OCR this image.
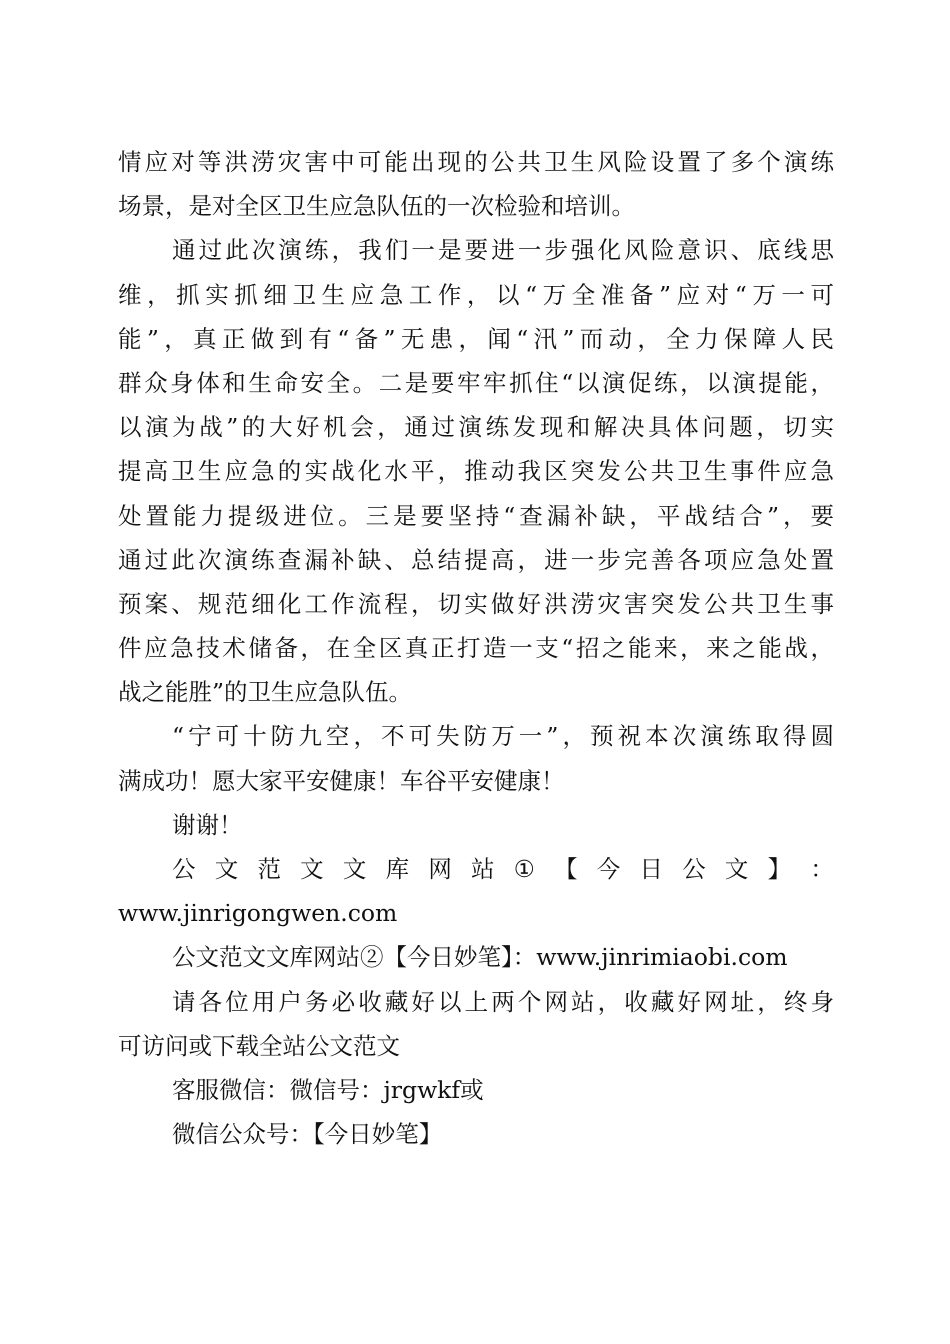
情应对等洪涝灾害中可能出现的公共卫生风险设置了多个演练
场景，是对全区卫生应急队伍的一次检验和培训。
通过此次演练，我们一是要进一步强化风险意识、底线思
维，抓实抓细卫生应急工作，以“万全准备”应对“万一可
能”，真正做到有“备”无患，闻“汛”而动，全力保障人民
群众身体和生命安全。二是要牢牢抓住“以演促练，以演提能，
以演为战”的大好机会，通过演练发现和解决具体问题，切实
提高卫生应急的实战化水平，推动我区突发公共卫生事件应急
处置能力提级进位。三是要坚持“查漏补缺，平战结合”，要
通过此次演练查漏补缺、总结提高，进一步完善各项应急处置
预案、规范细化工作流程，切实做好洪涝灾害突发公共卫生事
件应急技术储备，在全区真正打造一支“招之能来，来之能战，
战之能胜”的卫生应急队伍。
“宁可十防九空，不可失防万一”，预祝本次演练取得圆
满成功！愿大家平安健康！车谷平安健康！
谢谢！
公 文 范 文 文 库 网 站 ① 【 今 日 公 文 】 ：
www.jinrigongwen.com
公文范文文库网站②【今日妙笔】：www.jinrimiaobi.com
请各位用户务必收藏好以上两个网站，收藏好网址，终身
可访问或下载全站公文范文
客服微信：微信号：jrgwkf或
微信公众号：【今日妙笔】
